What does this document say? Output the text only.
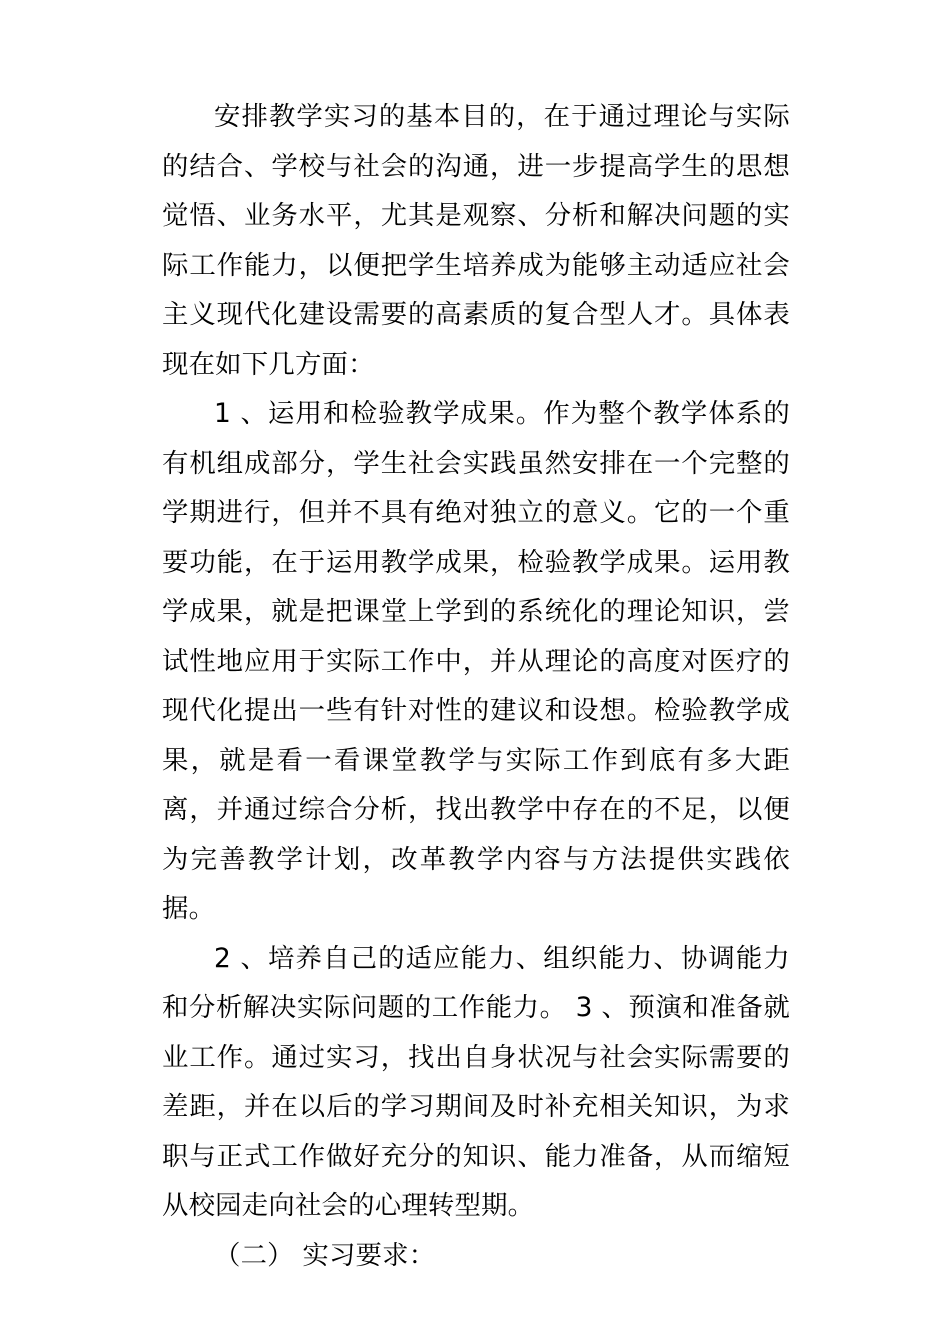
安排教学实习的基本目的，在于通过理论与实际的结合、学校与社会的沟通，进一步提高学生的思想觉悟、业务水平，尤其是观察、分析和解决问题的实际工作能力，以便把学生培养成为能够主动适应社会主义现代化建设需要的高素质的复合型人才。具体表现在如下几方面：

1 、运用和检验教学成果。作为整个教学体系的有机组成部分，学生社会实践虽然安排在一个完整的学期进行，但并不具有绝对独立的意义。它的一个重要功能，在于运用教学成果，检验教学成果。运用教学成果，就是把课堂上学到的系统化的理论知识，尝试性地应用于实际工作中，并从理论的高度对医疗的现代化提出一些有针对性的建议和设想。检验教学成果，就是看一看课堂教学与实际工作到底有多大距离，并通过综合分析，找出教学中存在的不足，以便为完善教学计划，改革教学内容与方法提供实践依据。

2 、培养自己的适应能力、组织能力、协调能力和分析解决实际问题的工作能力。 3 、预演和准备就业工作。通过实习，找出自身状况与社会实际需要的差距，并在以后的学习期间及时补充相关知识，为求职与正式工作做好充分的知识、能力准备，从而缩短从校园走向社会的心理转型期。

（二） 实习要求：
